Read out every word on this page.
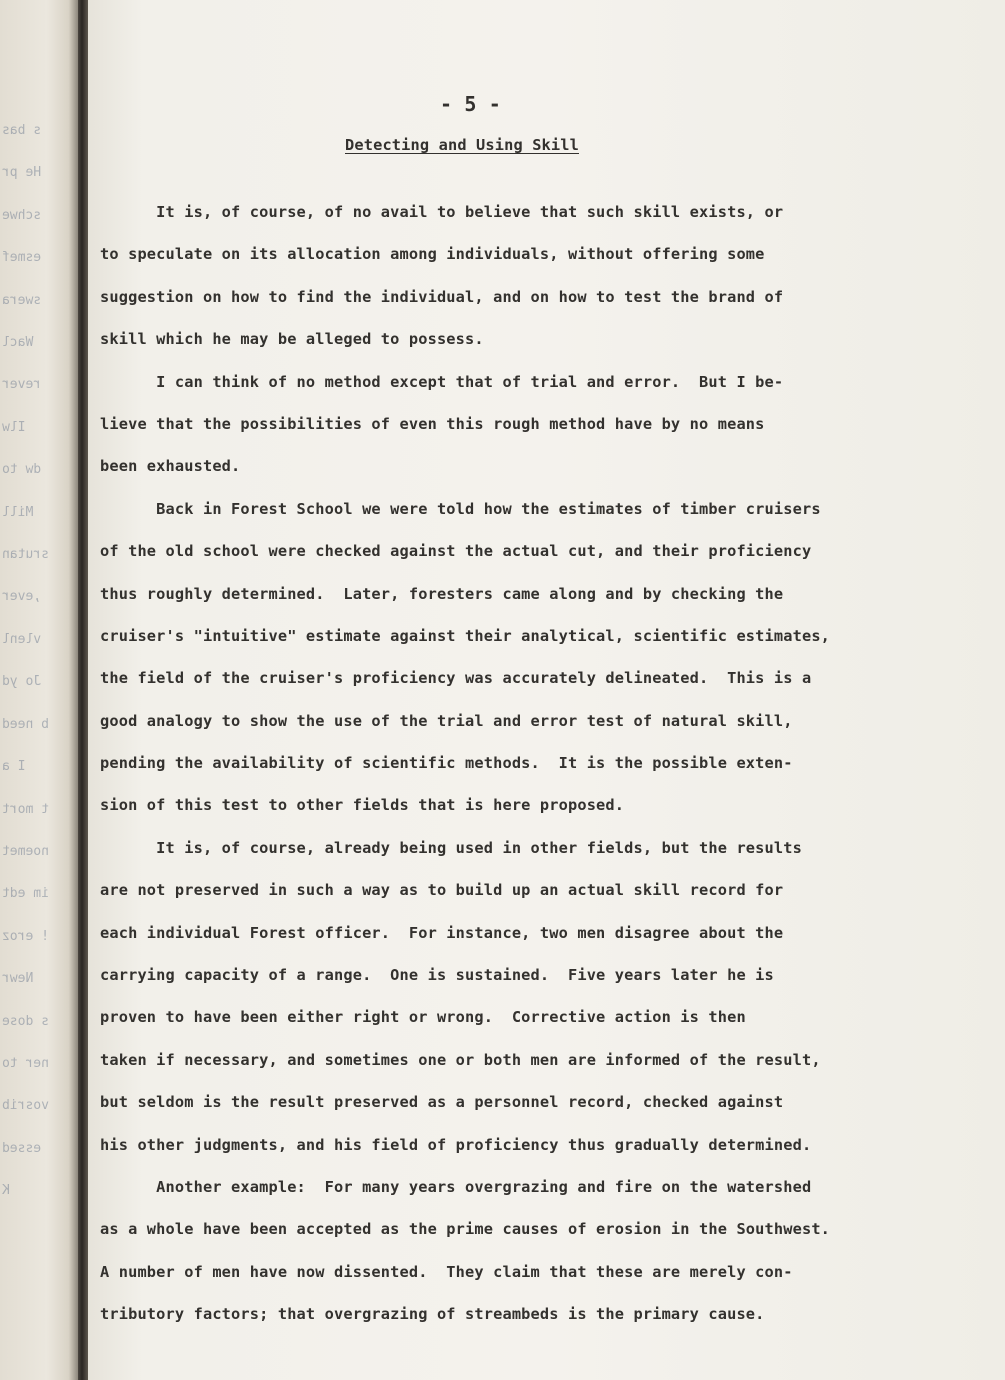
s bas
He pr
schwe
esmef
swera
Wacl
rever
Ilw
dw to
Mill
srutan
,ever
vlenl
Jo yd
b need
I a
t mort
noemet
im edt
! eroz
Newr
s dose
ner to
vosrib
essed
K
- 5 -
Detecting and Using Skill
It is, of course, of no avail to believe that such skill exists, or
to speculate on its allocation among individuals, without offering some
suggestion on how to find the individual, and on how to test the brand of
skill which he may be alleged to possess.
I can think of no method except that of trial and error.  But I be-
lieve that the possibilities of even this rough method have by no means
been exhausted.
Back in Forest School we were told how the estimates of timber cruisers
of the old school were checked against the actual cut, and their proficiency
thus roughly determined.  Later, foresters came along and by checking the
cruiser's "intuitive" estimate against their analytical, scientific estimates,
the field of the cruiser's proficiency was accurately delineated.  This is a
good analogy to show the use of the trial and error test of natural skill,
pending the availability of scientific methods.  It is the possible exten-
sion of this test to other fields that is here proposed.
It is, of course, already being used in other fields, but the results
are not preserved in such a way as to build up an actual skill record for
each individual Forest officer.  For instance, two men disagree about the
carrying capacity of a range.  One is sustained.  Five years later he is
proven to have been either right or wrong.  Corrective action is then
taken if necessary, and sometimes one or both men are informed of the result,
but seldom is the result preserved as a personnel record, checked against
his other judgments, and his field of proficiency thus gradually determined.
Another example:  For many years overgrazing and fire on the watershed
as a whole have been accepted as the prime causes of erosion in the Southwest.
A number of men have now dissented.  They claim that these are merely con-
tributory factors; that overgrazing of streambeds is the primary cause.
